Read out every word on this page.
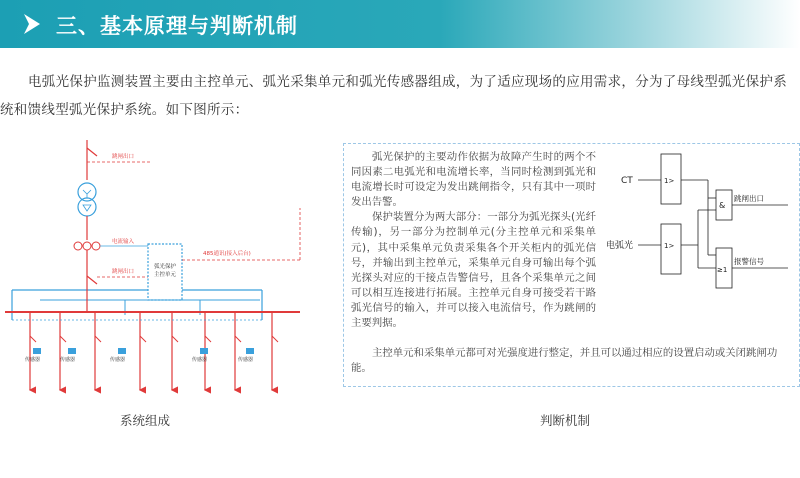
三、基本原理与判断机制

电弧光保护监测装置主要由主控单元、弧光采集单元和弧光传感器组成，为了适应现场的应用需求，分为了母线型弧光保护系统和馈线型弧光保护系统。如下图所示：

跳闸出口
电流输入
跳闸出口
弧光保护
主控单元
485通讯(接入后台)
传感器	传感器	传感器	传感器	传感器
系统组成

弧光保护的主要动作依据为故障产生时的两个不同因素二电弧光和电流增长率，当同时检测到弧光和电流增长时可设定为发出跳闸指令，只有其中一项时发出告警。

保护装置分为两大部分：一部分为弧光探头(光纤传输)，另一部分为控制单元(分主控单元和采集单元)，其中采集单元负责采集各个开关柜内的弧光信号，并输出到主控单元，采集单元自身可输出每个弧光探头对应的干接点告警信号，且各个采集单元之间可以相互连接进行拓展。主控单元自身可接受若干路弧光信号的输入，并可以接入电流信号，作为跳闸的主要判据。

主控单元和采集单元都可对光强度进行整定，并且可以通过相应的设置启动或关闭跳闸功能。

CT	1>
电弧光	1>
&
跳闸出口
≥1
报警信号
判断机制
